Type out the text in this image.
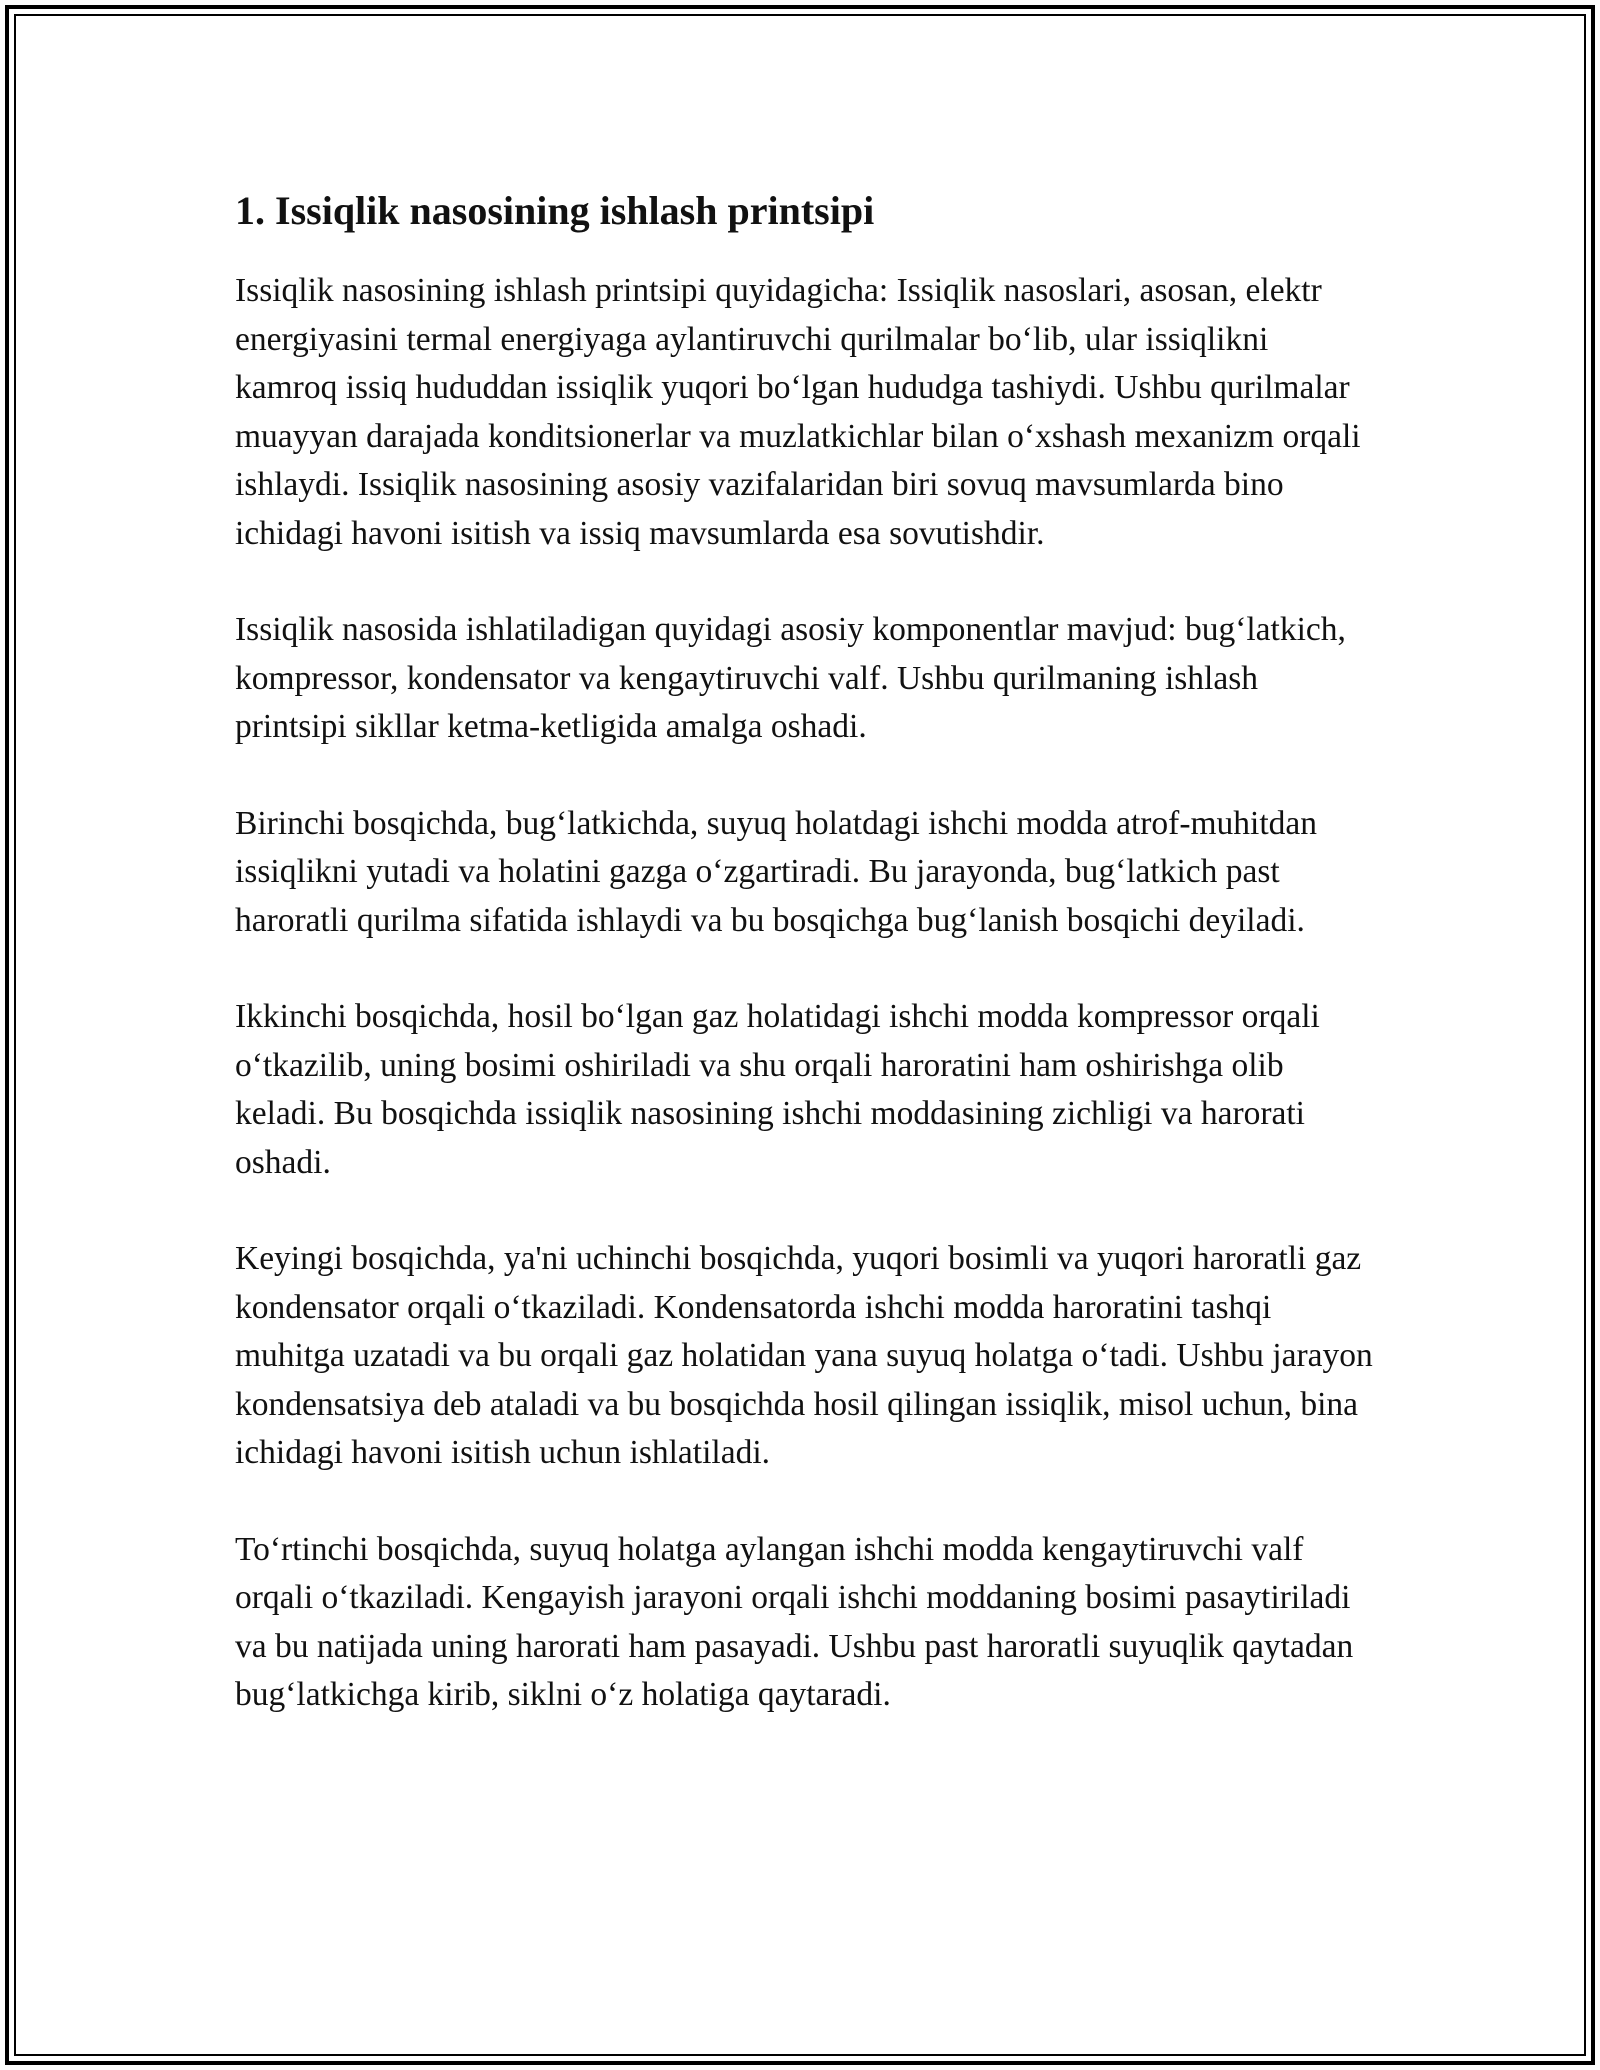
1. Issiqlik nasosining ishlash printsipi

Issiqlik nasosining ishlash printsipi quyidagicha: Issiqlik nasoslari, asosan, elektr energiyasini termal energiyaga aylantiruvchi qurilmalar bo‘lib, ular issiqlikni kamroq issiq hududdan issiqlik yuqori bo‘lgan hududga tashiydi. Ushbu qurilmalar muayyan darajada konditsionerlar va muzlatkichlar bilan o‘xshash mexanizm orqali ishlaydi. Issiqlik nasosining asosiy vazifalaridan biri sovuq mavsumlarda bino ichidagi havoni isitish va issiq mavsumlarda esa sovutishdir.

Issiqlik nasosida ishlatiladigan quyidagi asosiy komponentlar mavjud: bug‘latkich, kompressor, kondensator va kengaytiruvchi valf. Ushbu qurilmaning ishlash printsipi sikllar ketma-ketligida amalga oshadi.

Birinchi bosqichda, bug‘latkichda, suyuq holatdagi ishchi modda atrof-muhitdan issiqlikni yutadi va holatini gazga o‘zgartiradi. Bu jarayonda, bug‘latkich past haroratli qurilma sifatida ishlaydi va bu bosqichga bug‘lanish bosqichi deyiladi.

Ikkinchi bosqichda, hosil bo‘lgan gaz holatidagi ishchi modda kompressor orqali o‘tkazilib, uning bosimi oshiriladi va shu orqali haroratini ham oshirishga olib keladi. Bu bosqichda issiqlik nasosining ishchi moddasining zichligi va harorati oshadi.

Keyingi bosqichda, ya'ni uchinchi bosqichda, yuqori bosimli va yuqori haroratli gaz kondensator orqali o‘tkaziladi. Kondensatorda ishchi modda haroratini tashqi muhitga uzatadi va bu orqali gaz holatidan yana suyuq holatga o‘tadi. Ushbu jarayon kondensatsiya deb ataladi va bu bosqichda hosil qilingan issiqlik, misol uchun, bina ichidagi havoni isitish uchun ishlatiladi.

To‘rtinchi bosqichda, suyuq holatga aylangan ishchi modda kengaytiruvchi valf orqali o‘tkaziladi. Kengayish jarayoni orqali ishchi moddaning bosimi pasaytiriladi va bu natijada uning harorati ham pasayadi. Ushbu past haroratli suyuqlik qaytadan bug‘latkichga kirib, siklni o‘z holatiga qaytaradi.
